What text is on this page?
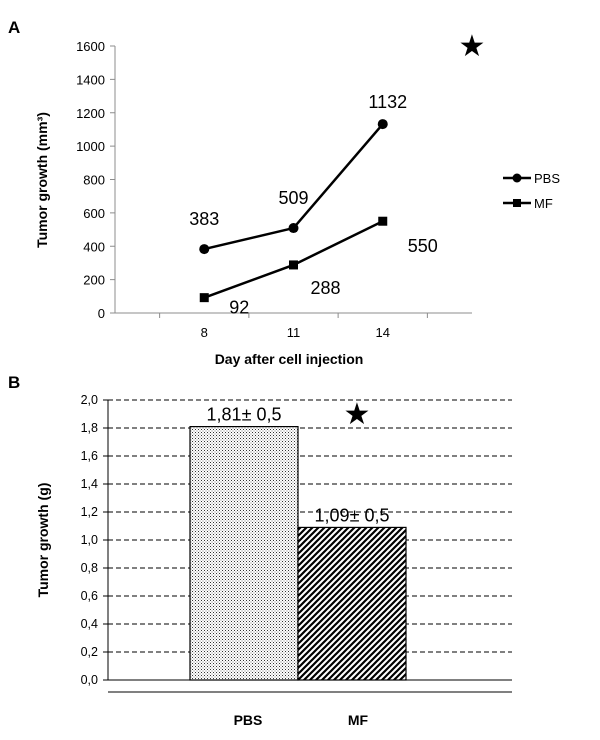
A
Tumor growth (mm³)
Day after cell injection
★
0
200
400
600
800
1000
1200
1400
1600
8	11	14
383
509
1132
92
288
550
PBS
MF
B
Tumor growth (g)
★
0,0
0,2
0,4
0,6
0,8
1,0
1,2
1,4
1,6
1,8
2,0
1,81± 0,5
1,09± 0,5
PBS	MF
